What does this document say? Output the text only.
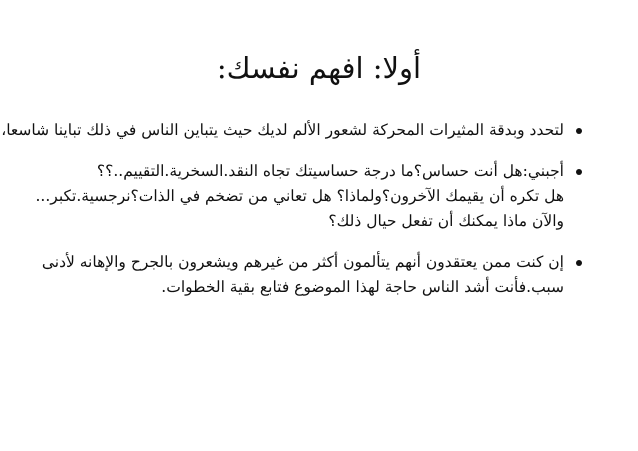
أولا: افهم نفسك:
لتحدد وبدقة المثيرات المحركة لشعور الألم لديك حيث يتباين الناس في ذلك تباينا شاسعا،
أجبني:هل أنت حساس؟ما درجة حساسيتك تجاه النقد.السخرية.التقييم..؟؟
هل تكره أن يقيمك الآخرون؟ولماذا؟ هل تعاني من تضخم في الذات؟نرجسية.تكبر...
والآن ماذا يمكنك أن تفعل حيال ذلك؟
إن كنت ممن يعتقدون أنهم يتألمون أكثر من غيرهم ويشعرون بالجرح والإهانه لأدنى
سبب.فأنت أشد الناس حاجة لهذا الموضوع فتابع بقية الخطوات.
